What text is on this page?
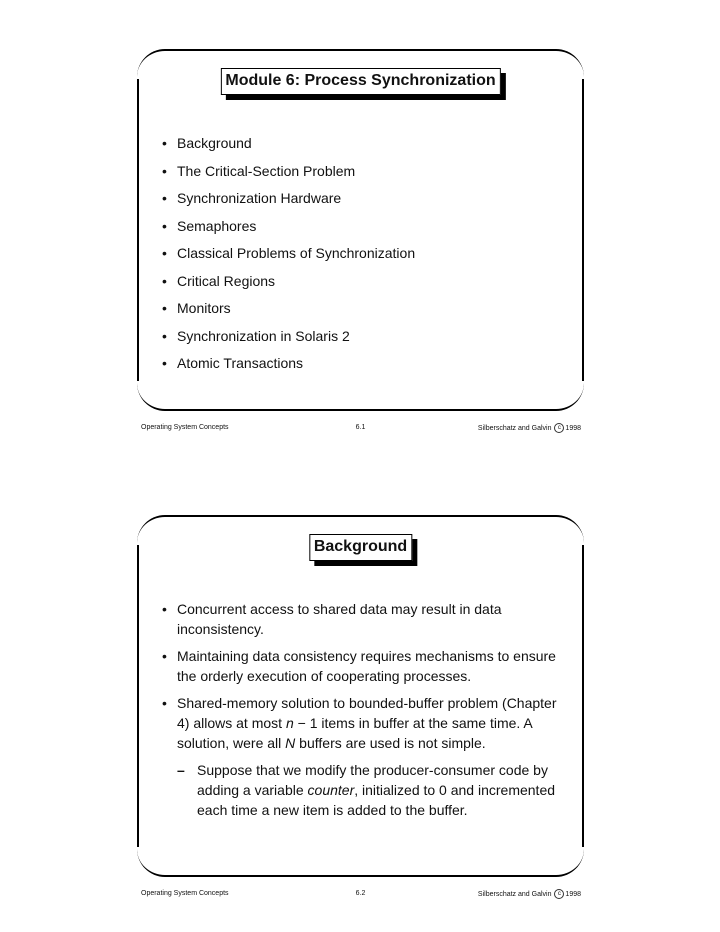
Module 6: Process Synchronization
• Background
• The Critical-Section Problem
• Synchronization Hardware
• Semaphores
• Classical Problems of Synchronization
• Critical Regions
• Monitors
• Synchronization in Solaris 2
• Atomic Transactions
Operating System Concepts	6.1	Silberschatz and Galvin c 1998
Background
• Concurrent access to shared data may result in data inconsistency.
• Maintaining data consistency requires mechanisms to ensure the orderly execution of cooperating processes.
• Shared-memory solution to bounded-buffer problem (Chapter 4) allows at most n − 1 items in buffer at the same time. A solution, were all N buffers are used is not simple.
– Suppose that we modify the producer-consumer code by adding a variable counter, initialized to 0 and incremented each time a new item is added to the buffer.
Operating System Concepts	6.2	Silberschatz and Galvin c 1998
